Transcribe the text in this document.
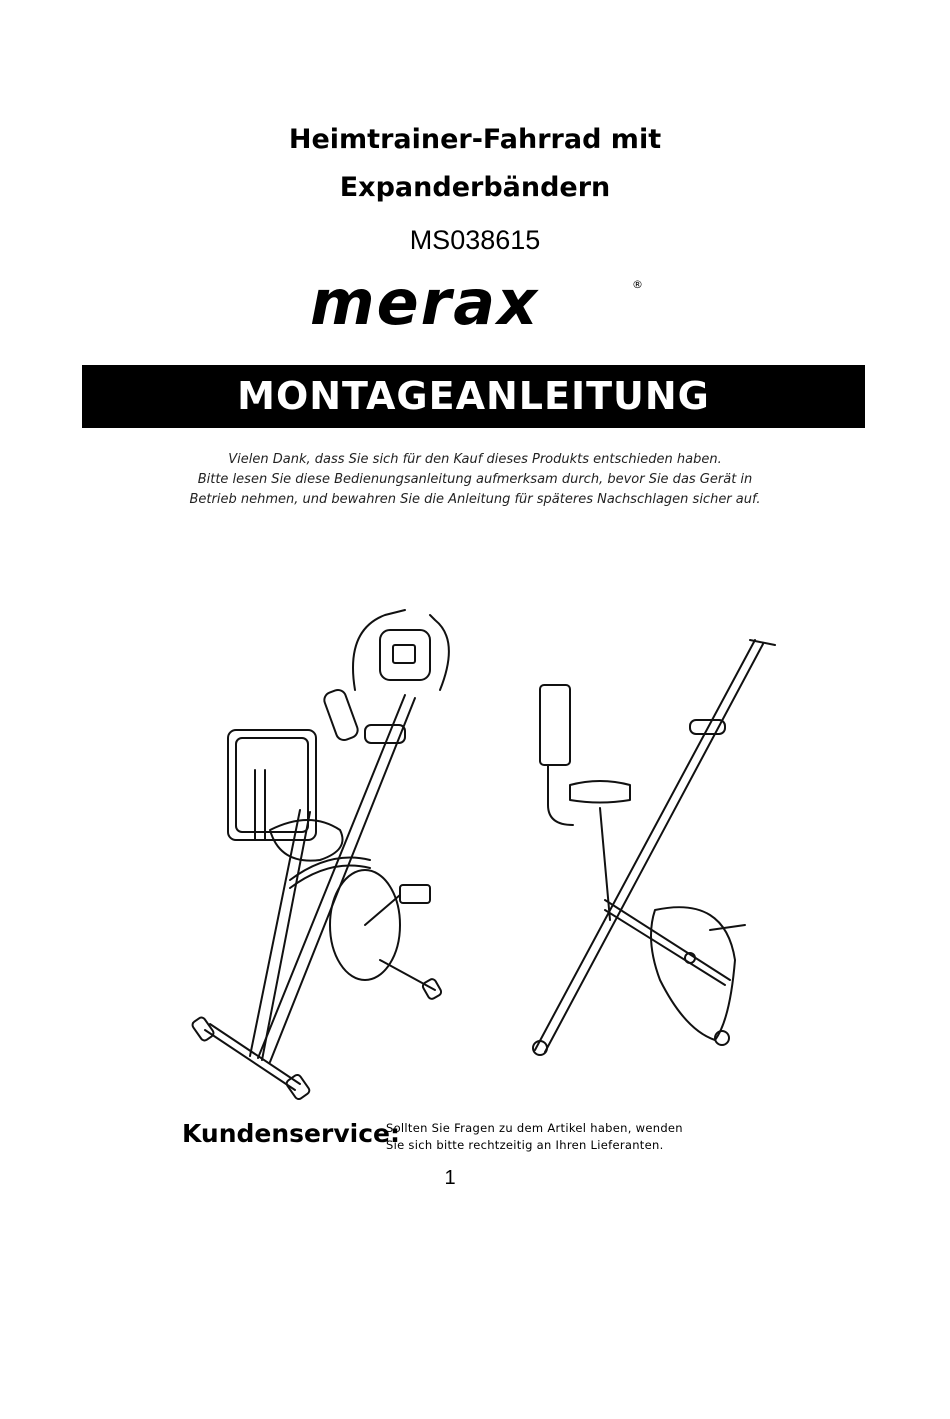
Heimtrainer-Fahrrad mit
Expanderbändern
MS038615
merax	®
MONTAGEANLEITUNG
Vielen Dank, dass Sie sich für den Kauf dieses Produkts entschieden haben.
Bitte lesen Sie diese Bedienungsanleitung aufmerksam durch, bevor Sie das Gerät in
Betrieb nehmen, und bewahren Sie die Anleitung für späteres Nachschlagen sicher auf.
Kundenservice:
Sollten Sie Fragen zu dem Artikel haben, wenden
Sie sich bitte rechtzeitig an Ihren Lieferanten.
1
